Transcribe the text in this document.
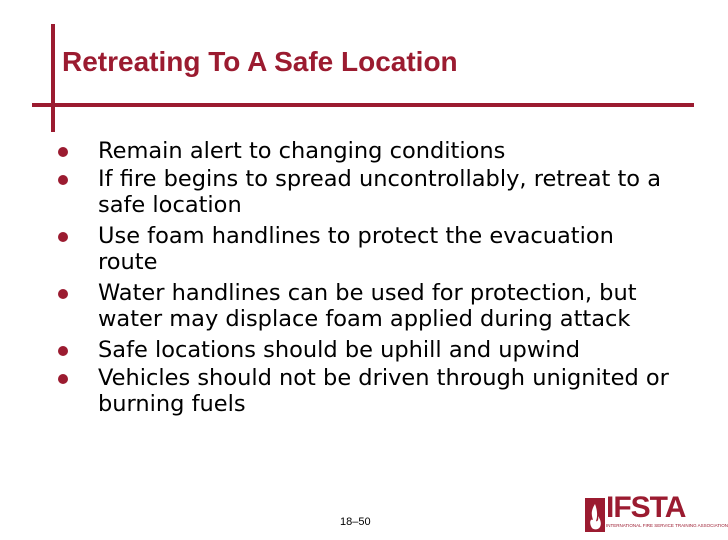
Retreating To A Safe Location
Remain alert to changing conditions
If fire begins to spread uncontrollably, retreat to a safe location
Use foam handlines to protect the evacuation route
Water handlines can be used for protection, but water may displace foam applied during attack
Safe locations should be uphill and upwind
Vehicles should not be driven through unignited or burning fuels
18–50	IFSTA
INTERNATIONAL FIRE SERVICE TRAINING ASSOCIATION
